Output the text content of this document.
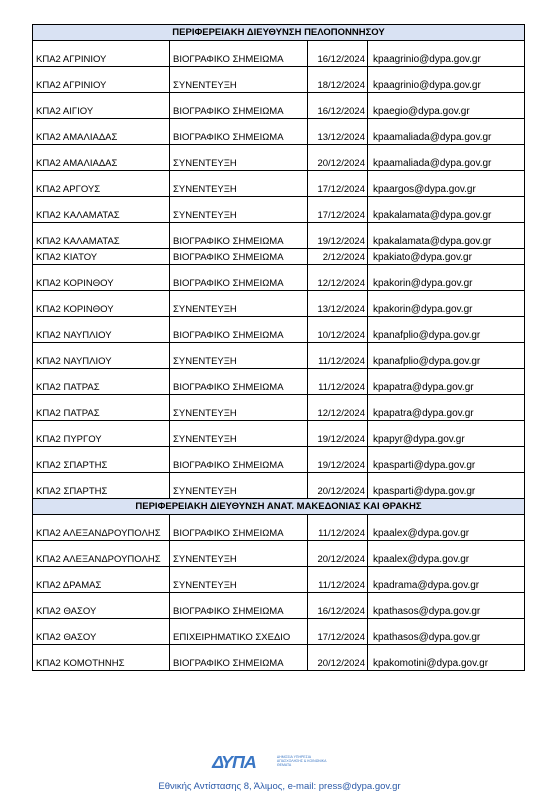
ΠΕΡΙΦΕΡΕΙΑΚΗ ΔΙΕΥΘΥΝΣΗ ΠΕΛΟΠΟΝΝΗΣΟΥ			
ΚΠΑ2 ΑΓΡΙΝΙΟΥ	ΒΙΟΓΡΑΦΙΚΟ ΣΗΜΕΙΩΜΑ	16/12/2024	kpaagrinio@dypa.gov.gr
ΚΠΑ2 ΑΓΡΙΝΙΟΥ	ΣΥΝΕΝΤΕΥΞΗ	18/12/2024	kpaagrinio@dypa.gov.gr
ΚΠΑ2 ΑΙΓΙΟΥ	ΒΙΟΓΡΑΦΙΚΟ ΣΗΜΕΙΩΜΑ	16/12/2024	kpaegio@dypa.gov.gr
ΚΠΑ2 ΑΜΑΛΙΑΔΑΣ	ΒΙΟΓΡΑΦΙΚΟ ΣΗΜΕΙΩΜΑ	13/12/2024	kpaamaliada@dypa.gov.gr
ΚΠΑ2 ΑΜΑΛΙΑΔΑΣ	ΣΥΝΕΝΤΕΥΞΗ	20/12/2024	kpaamaliada@dypa.gov.gr
ΚΠΑ2 ΑΡΓΟΥΣ	ΣΥΝΕΝΤΕΥΞΗ	17/12/2024	kpaargos@dypa.gov.gr
ΚΠΑ2 ΚΑΛΑΜΑΤΑΣ	ΣΥΝΕΝΤΕΥΞΗ	17/12/2024	kpakalamata@dypa.gov.gr
ΚΠΑ2 ΚΑΛΑΜΑΤΑΣ	ΒΙΟΓΡΑΦΙΚΟ ΣΗΜΕΙΩΜΑ	19/12/2024	kpakalamata@dypa.gov.gr
ΚΠΑ2 ΚΙΑΤΟΥ	ΒΙΟΓΡΑΦΙΚΟ ΣΗΜΕΙΩΜΑ	2/12/2024	kpakiato@dypa.gov.gr
ΚΠΑ2 ΚΟΡΙΝΘΟΥ	ΒΙΟΓΡΑΦΙΚΟ ΣΗΜΕΙΩΜΑ	12/12/2024	kpakorin@dypa.gov.gr
ΚΠΑ2 ΚΟΡΙΝΘΟΥ	ΣΥΝΕΝΤΕΥΞΗ	13/12/2024	kpakorin@dypa.gov.gr
ΚΠΑ2 ΝΑΥΠΛΙΟΥ	ΒΙΟΓΡΑΦΙΚΟ ΣΗΜΕΙΩΜΑ	10/12/2024	kpanafplio@dypa.gov.gr
ΚΠΑ2 ΝΑΥΠΛΙΟΥ	ΣΥΝΕΝΤΕΥΞΗ	11/12/2024	kpanafplio@dypa.gov.gr
ΚΠΑ2 ΠΑΤΡΑΣ	ΒΙΟΓΡΑΦΙΚΟ ΣΗΜΕΙΩΜΑ	11/12/2024	kpapatra@dypa.gov.gr
ΚΠΑ2 ΠΑΤΡΑΣ	ΣΥΝΕΝΤΕΥΞΗ	12/12/2024	kpapatra@dypa.gov.gr
ΚΠΑ2 ΠΥΡΓΟΥ	ΣΥΝΕΝΤΕΥΞΗ	19/12/2024	kpapyr@dypa.gov.gr
ΚΠΑ2 ΣΠΑΡΤΗΣ	ΒΙΟΓΡΑΦΙΚΟ ΣΗΜΕΙΩΜΑ	19/12/2024	kpasparti@dypa.gov.gr
ΚΠΑ2 ΣΠΑΡΤΗΣ	ΣΥΝΕΝΤΕΥΞΗ	20/12/2024	kpasparti@dypa.gov.gr
ΠΕΡΙΦΕΡΕΙΑΚΗ ΔΙΕΥΘΥΝΣΗ ΑΝΑΤ. ΜΑΚΕΔΟΝΙΑΣ ΚΑΙ ΘΡΑΚΗΣ			
ΚΠΑ2 ΑΛΕΞΑΝΔΡΟΥΠΟΛΗΣ	ΒΙΟΓΡΑΦΙΚΟ ΣΗΜΕΙΩΜΑ	11/12/2024	kpaalex@dypa.gov.gr
ΚΠΑ2 ΑΛΕΞΑΝΔΡΟΥΠΟΛΗΣ	ΣΥΝΕΝΤΕΥΞΗ	20/12/2024	kpaalex@dypa.gov.gr
ΚΠΑ2 ΔΡΑΜΑΣ	ΣΥΝΕΝΤΕΥΞΗ	11/12/2024	kpadrama@dypa.gov.gr
ΚΠΑ2 ΘΑΣΟΥ	ΒΙΟΓΡΑΦΙΚΟ ΣΗΜΕΙΩΜΑ	16/12/2024	kpathasos@dypa.gov.gr
ΚΠΑ2 ΘΑΣΟΥ	ΕΠΙΧΕΙΡΗΜΑΤΙΚΟ ΣΧΕΔΙΟ	17/12/2024	kpathasos@dypa.gov.gr
ΚΠΑ2 ΚΟΜΟΤΗΝΗΣ	ΒΙΟΓΡΑΦΙΚΟ ΣΗΜΕΙΩΜΑ	20/12/2024	kpakomotini@dypa.gov.gr
ΔΥΠΑ	ΔΗΜΟΣΙΑ ΥΠΗΡΕΣΙΑ ΑΠΑΣΧΟΛΗΣΗΣ & ΚΟΙΝΩΝΙΚΑ ΘΕΜΑΤΑ
Εθνικής Αντίστασης 8, Άλιμος, e-mail: press@dypa.gov.gr
